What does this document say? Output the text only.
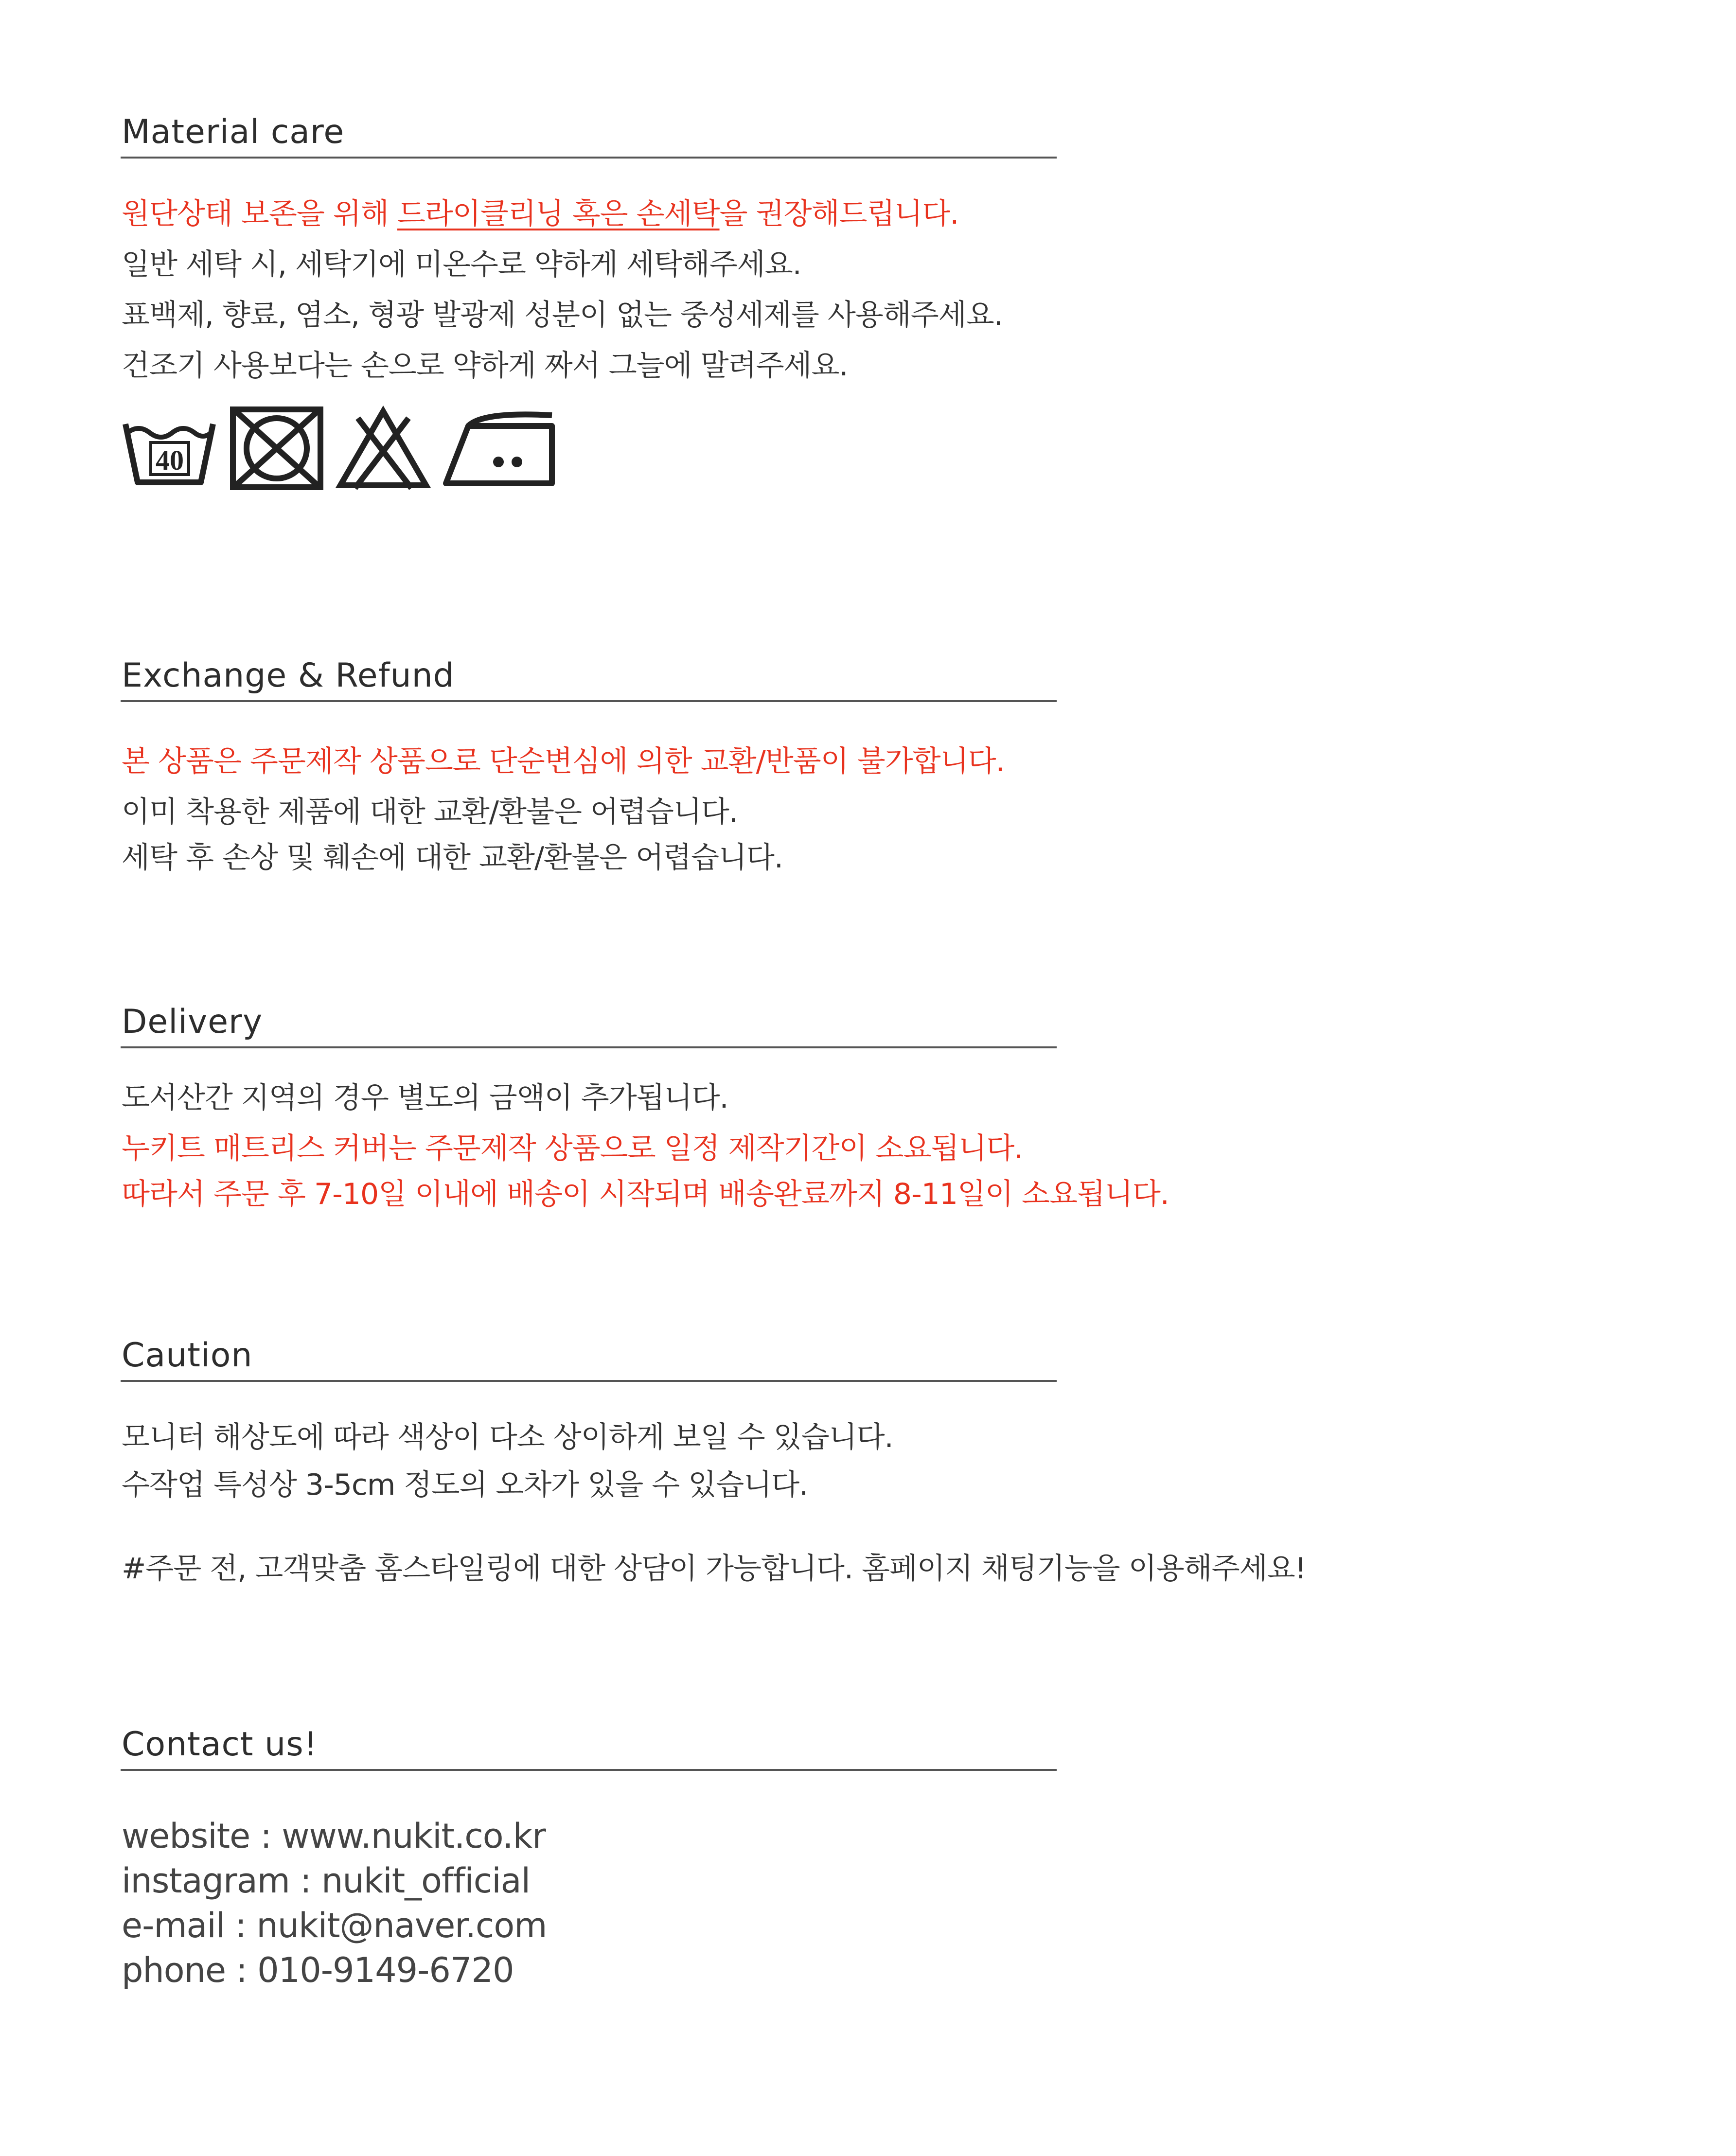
Material care
원단상태 보존을 위해 드라이클리닝 혹은 손세탁을 권장해드립니다.
일반 세탁 시, 세탁기에 미온수로 약하게 세탁해주세요.
표백제, 향료, 염소, 형광 발광제 성분이 없는 중성세제를 사용해주세요.
건조기 사용보다는 손으로 약하게 짜서 그늘에 말려주세요.
40
Exchange & Refund
본 상품은 주문제작 상품으로 단순변심에 의한 교환/반품이 불가합니다.
이미 착용한 제품에 대한 교환/환불은 어렵습니다.
세탁 후 손상 및 훼손에 대한 교환/환불은 어렵습니다.
Delivery
도서산간 지역의 경우 별도의 금액이 추가됩니다.
누키트 매트리스 커버는 주문제작 상품으로 일정 제작기간이 소요됩니다.
따라서 주문 후 7-10일 이내에 배송이 시작되며 배송완료까지 8-11일이 소요됩니다.
Caution
모니터 해상도에 따라 색상이 다소 상이하게 보일 수 있습니다.
수작업 특성상 3-5cm 정도의 오차가 있을 수 있습니다.
#주문 전, 고객맞춤 홈스타일링에 대한 상담이 가능합니다. 홈페이지 채팅기능을 이용해주세요!
Contact us!
website : www.nukit.co.kr
instagram : nukit_official
e-mail : nukit@naver.com
phone : 010-9149-6720
